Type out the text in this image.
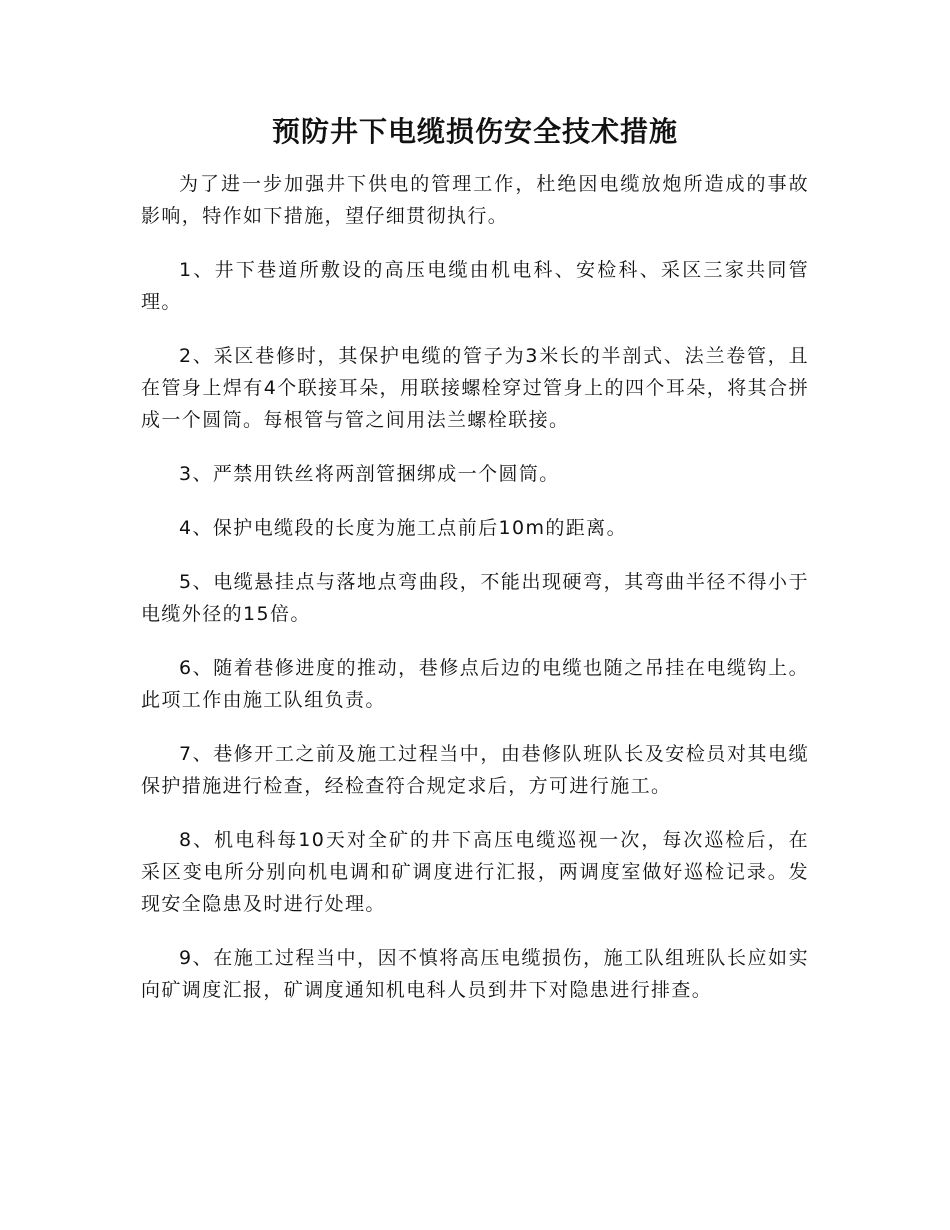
预防井下电缆损伤安全技术措施

为了进一步加强井下供电的管理工作，杜绝因电缆放炮所造成的事故影响，特作如下措施，望仔细贯彻执行。

1、井下巷道所敷设的高压电缆由机电科、安检科、采区三家共同管理。

2、采区巷修时，其保护电缆的管子为3米长的半剖式、法兰卷管，且在管身上焊有4个联接耳朵，用联接螺栓穿过管身上的四个耳朵，将其合拼成一个圆筒。每根管与管之间用法兰螺栓联接。

3、严禁用铁丝将两剖管捆绑成一个圆筒。

4、保护电缆段的长度为施工点前后10m的距离。

5、电缆悬挂点与落地点弯曲段，不能出现硬弯，其弯曲半径不得小于电缆外径的15倍。

6、随着巷修进度的推动，巷修点后边的电缆也随之吊挂在电缆钩上。此项工作由施工队组负责。

7、巷修开工之前及施工过程当中，由巷修队班队长及安检员对其电缆保护措施进行检查，经检查符合规定求后，方可进行施工。

8、机电科每10天对全矿的井下高压电缆巡视一次，每次巡检后，在采区变电所分别向机电调和矿调度进行汇报，两调度室做好巡检记录。发现安全隐患及时进行处理。

9、在施工过程当中，因不慎将高压电缆损伤，施工队组班队长应如实向矿调度汇报，矿调度通知机电科人员到井下对隐患进行排查。
